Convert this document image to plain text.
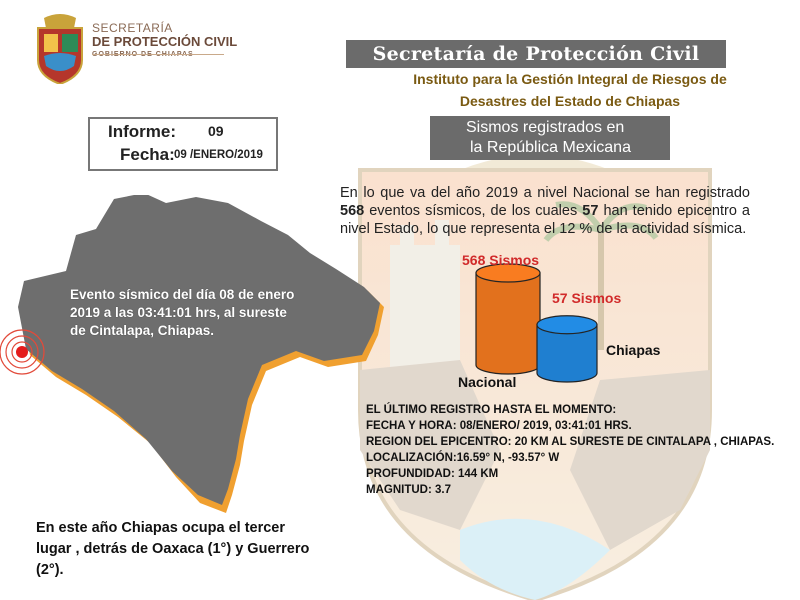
SECRETARÍA
DE PROTECCIÓN CIVIL
Secretaría de Protección Civil
Instituto para la Gestión Integral de Riesgos de
Desastres del Estado de Chiapas
Sismos registrados en
la República Mexicana
Informe: 09
Fecha: 09 /ENERO/2019
Evento sísmico del día 08 de enero 2019 a las 03:41:01 hrs, al sureste de Cintalapa, Chiapas.
En lo que va del año 2019 a nivel Nacional se han registrado 568 eventos sísmicos, de los cuales 57 han tenido epicentro a nivel Estado, lo que representa el 12 % de la actividad sísmica.
568 Sismos
57 Sismos
Nacional
Chiapas
EL ÚLTIMO REGISTRO HASTA EL MOMENTO:
FECHA Y HORA: 08/ENERO/ 2019, 03:41:01 HRS.
REGION DEL EPICENTRO: 20 KM AL SURESTE DE CINTALAPA , CHIAPAS.
LOCALIZACIÓN:16.59° N, -93.57° W
PROFUNDIDAD: 144 KM
MAGNITUD: 3.7
En este año Chiapas ocupa el tercer lugar , detrás de Oaxaca (1°) y Guerrero (2°).
